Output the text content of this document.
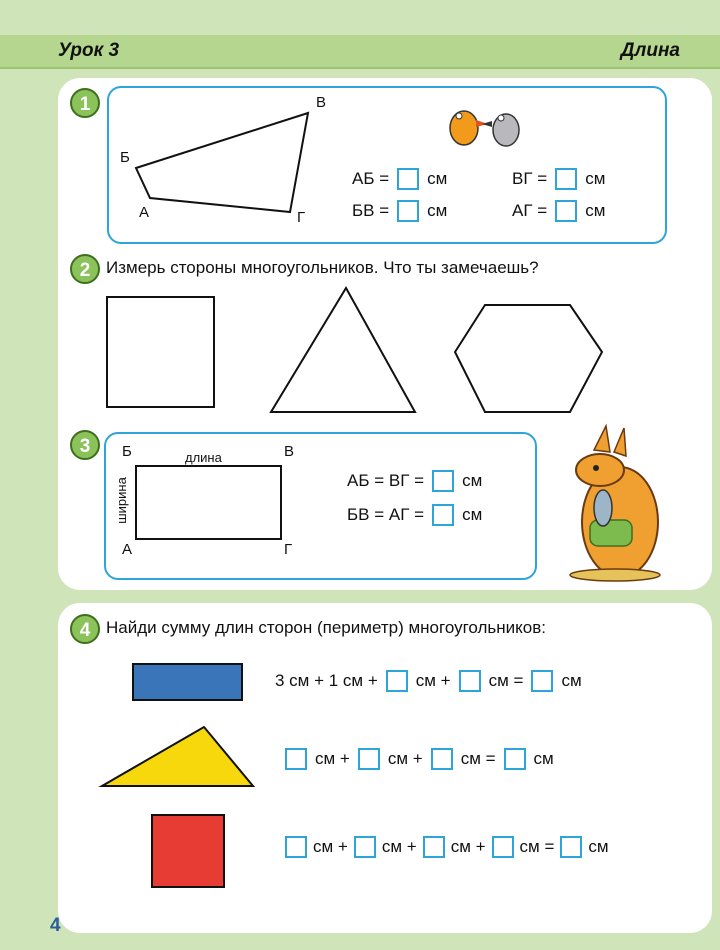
Урок 3	Длина
1	В
Б
А	Г
АБ = см	ВГ = см
БВ = см	АГ = см
2 Измерь стороны многоугольников. Что ты замечаешь?
3	Б	В
А	Г
длина
ширина	АБ = ВГ = см
БВ = АГ = см
4 Найди сумму длин сторон (периметр) многоугольников:
3 см + 1 см + см + см = см
см + см + см = см
см + см + см + см = см
4
